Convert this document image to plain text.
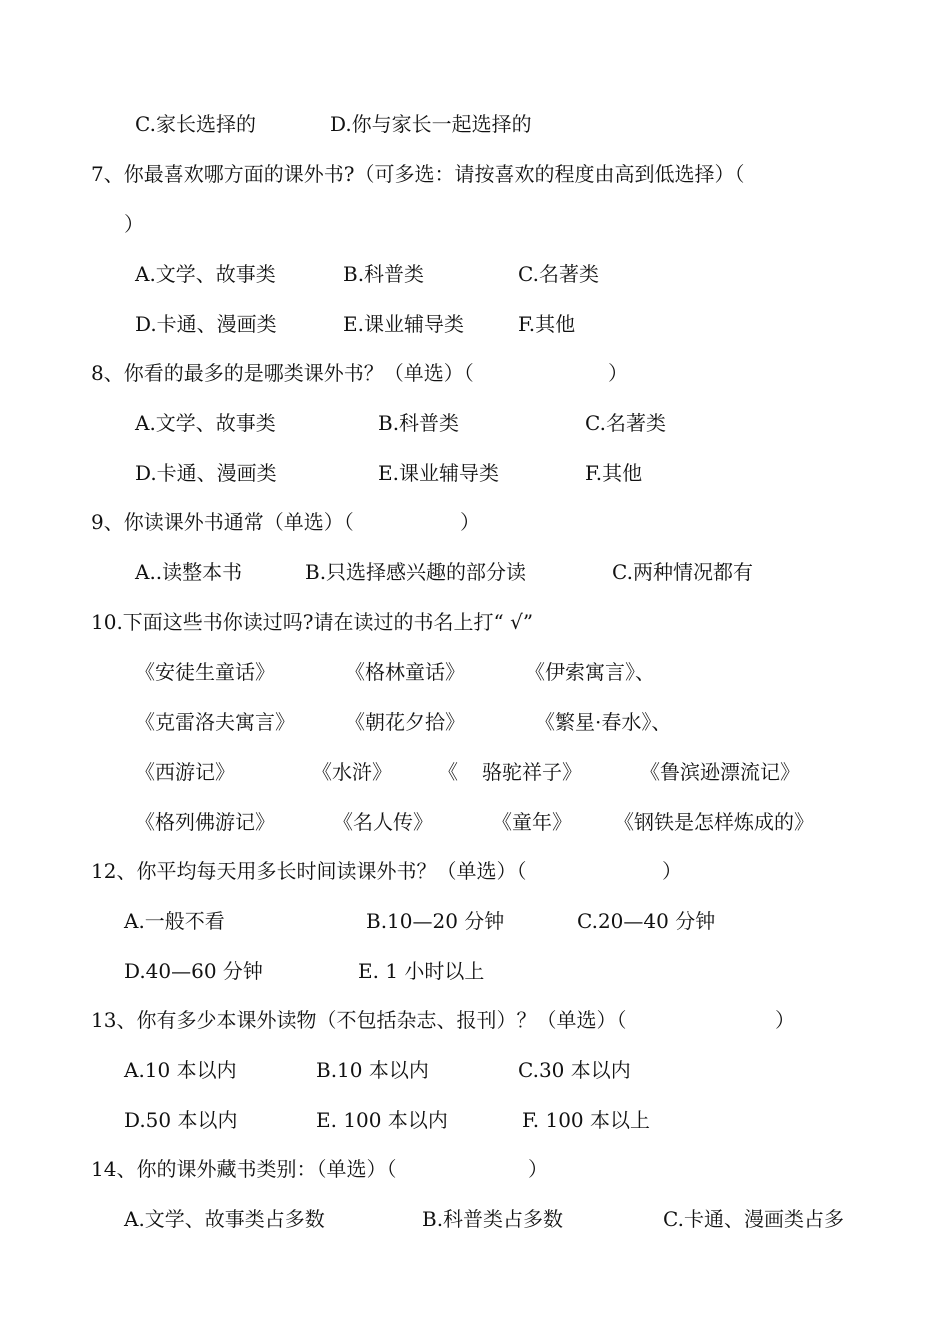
C.家长选择的	D.你与家长一起选择的
7、你最喜欢哪方面的课外书?（可多选：请按喜欢的程度由高到低选择）（
）
A.文学、故事类	B.科普类	C.名著类
D.卡通、漫画类	E.课业辅导类	F.其他
8、你看的最多的是哪类课外书？（单选）（	）
A.文学、故事类	B.科普类	C.名著类
D.卡通、漫画类	E.课业辅导类	F.其他
9、你读课外书通常（单选）（	）
A..读整本书	B.只选择感兴趣的部分读	C.两种情况都有
10.下面这些书你读过吗?请在读过的书名上打“ √”
《安徒生童话》	《格林童话》	《伊索寓言》、
《克雷洛夫寓言》	《朝花夕拾》	《繁星·春水》、
《西游记》	《水浒》 《 骆驼祥子》	《鲁滨逊漂流记》
《格列佛游记》	《名人传》	《童年》 《钢铁是怎样炼成的》
12、你平均每天用多长时间读课外书？（单选）（	）
A.一般不看	B.10—20 分钟	C.20—40 分钟
D.40—60 分钟	E. 1 小时以上
13、你有多少本课外读物（不包括杂志、报刊）？（单选）（	）
A.10 本以内	B.10 本以内	C.30 本以内
D.50 本以内	E. 100 本以内	F. 100 本以上
14、你的课外藏书类别：（单选）（	）
A.文学、故事类占多数	B.科普类占多数	C.卡通、漫画类占多
